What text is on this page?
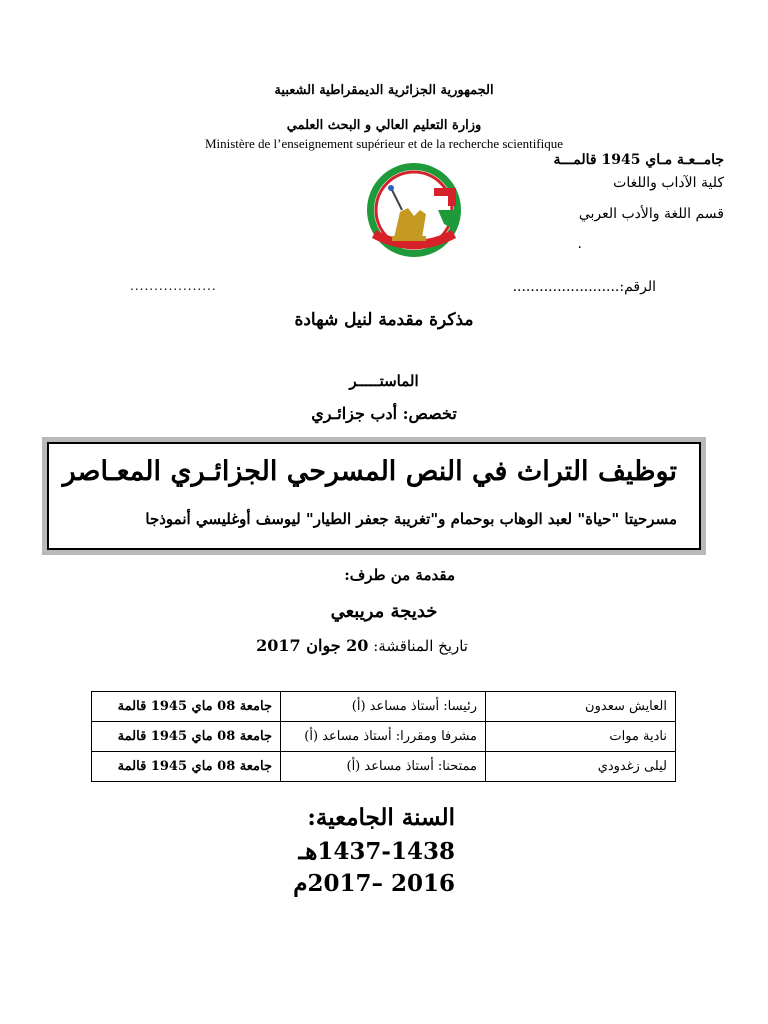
الجمهورية الجزائرية الديمقراطية الشعبية
وزارة التعليم العالي و البحث العلمي
Ministère de l’enseignement supérieur et de la recherche scientifique
جامــعـة مـاي 1945 قالمـــة
كلية الآداب واللغات
قسم اللغة والأدب العربي
.
الرقم:........................
..................
مذكرة مقدمة لنيل شهادة
الماستـــــر
تخصص: أدب جزائـري
توظيف التراث في النص المسرحي الجزائـري المعـاصر
مسرحيتا "حياة" لعبد الوهاب بوحمام و"تغريبة جعفر الطيار" ليوسف أوغليسي أنموذجا
مقدمة من طرف:
خديجة مريبعي
تاريخ المناقشة: 20 جوان 2017
العايش سعدون	رئيسا: أستاذ مساعد (أ)	جامعة 08 ماي 1945 قالمة
نادية موات	مشرفا ومقررا: أستاذ مساعد (أ)	جامعة 08 ماي 1945 قالمة
ليلى زغدودي	ممتحنا: أستاذ مساعد (أ)	جامعة 08 ماي 1945 قالمة
السنة الجامعية:
1437-1438هـ
2016 –2017م
